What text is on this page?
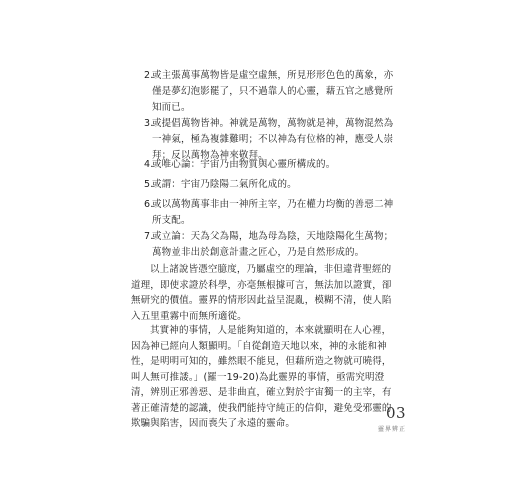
2.
或主張萬事萬物皆是虛空虛無，所見形形色色的萬象，亦僅是夢幻泡影罷了，只不過靠人的心靈，藉五官之感覺所知而已。
3.
或提倡萬物皆神。神就是萬物，萬物就是神，萬物混然為一神氣，極為複雜難明；不以神為有位格的神，應受人崇拜；反以萬物為神來敬拜。
4.
或唯心論：宇宙乃由物質與心靈所構成的。
5.
或謂：宇宙乃陰陽二氣所化成的。
6.
或以萬物萬事非由一神所主宰，乃在權力均衡的善惡二神所支配。
7.
或立論：天為父為陽，地為母為陰，天地陰陽化生萬物；萬物並非出於創意計畫之匠心，乃是自然形成的。

以上諸說皆憑空臆度，乃屬虛空的理論，非但違背聖經的道理，即使求證於科學，亦毫無根據可言，無法加以證實，卻無研究的價值。靈界的情形因此益呈混亂，模糊不清，使人陷入五里重霧中而無所適從。

其實神的事情，人是能夠知道的，本來就顯明在人心裡，因為神已經向人類顯明。「自從創造天地以來，神的永能和神性，是明明可知的，雖然眼不能見，但藉所造之物就可曉得，叫人無可推諉。」(羅一19-20)為此靈界的事情，亟需究明澄清，辨別正邪善惡、是非曲直，確立對於宇宙獨一的主宰，有著正確清楚的認識，使我們能持守純正的信仰，避免受邪靈的欺騙與陷害，因而喪失了永遠的靈命。

03
靈界辨正
